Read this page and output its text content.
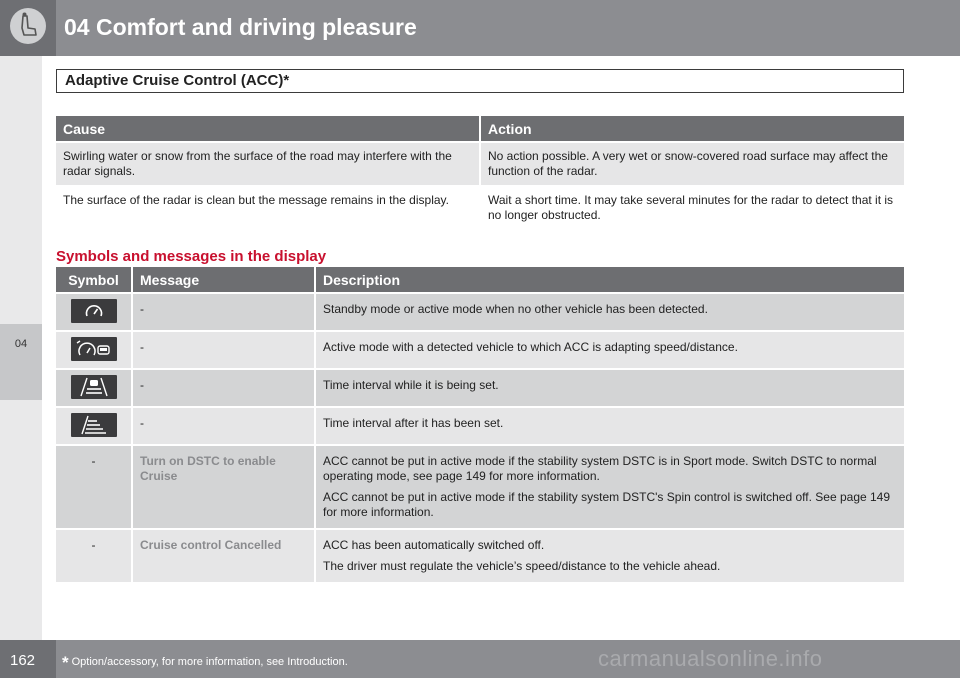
04 Comfort and driving pleasure
04
Adaptive Cruise Control (ACC)*
Cause	Action
Swirling water or snow from the surface of the road may interfere with the radar signals.	No action possible. A very wet or snow-covered road surface may affect the function of the radar.
The surface of the radar is clean but the message remains in the display.	Wait a short time. It may take several minutes for the radar to detect that it is no longer obstructed.
Symbols and messages in the display
Symbol	Message	Description

	-	Standby mode or active mode when no other vehicle has been detected.

	-	Active mode with a detected vehicle to which ACC is adapting speed/distance.

	-	Time interval while it is being set.

	-	Time interval after it has been set.
-	Turn on DSTC to enable Cruise	ACC cannot be put in active mode if the stability system DSTC is in Sport mode. Switch DSTC to normal operating mode, see page 149 for more information.

ACC cannot be put in active mode if the stability system DSTC's Spin control is switched off. See page 149 for more information.

-	Cruise control Cancelled	ACC has been automatically switched off.

The driver must regulate the vehicle’s speed/distance to the vehicle ahead.

162 * Option/accessory, for more information, see Introduction.	carmanualsonline.info
